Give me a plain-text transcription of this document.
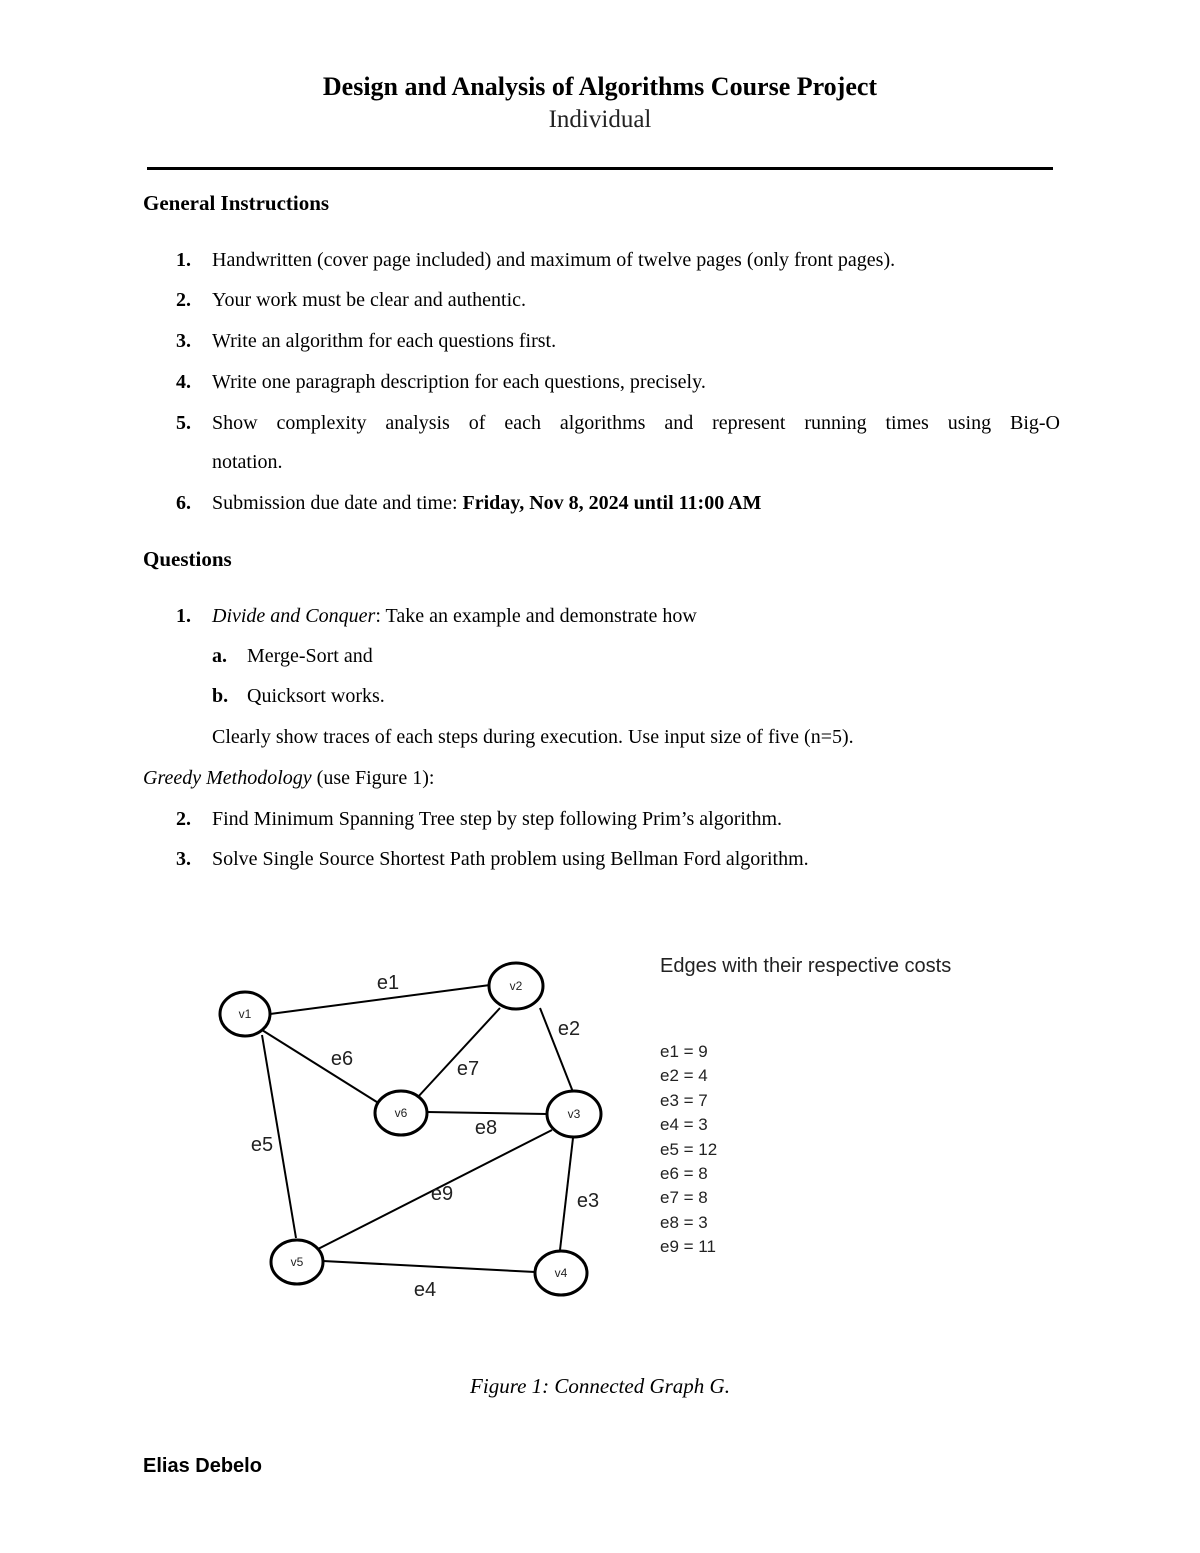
Design and Analysis of Algorithms Course Project
Individual
General Instructions
1. Handwritten (cover page included) and maximum of twelve pages (only front pages).
2. Your work must be clear and authentic.
3. Write an algorithm for each questions first.
4. Write one paragraph description for each questions, precisely.
5. Show complexity analysis of each algorithms and represent running times using Big-O
notation.
6. Submission due date and time: Friday, Nov 8, 2024 until 11:00 AM
Questions
1. Divide and Conquer: Take an example and demonstrate how
a. Merge-Sort and
b. Quicksort works.
Clearly show traces of each steps during execution. Use input size of five (n=5).
Greedy Methodology (use Figure 1):
2. Find Minimum Spanning Tree step by step following Prim’s algorithm.
3. Solve Single Source Shortest Path problem using Bellman Ford algorithm.
v1
v2
v3
v4
v5
v6
e1
e2
e3
e4
e5
e6	e7
e8
e9
Edges with their respective costs
e1 = 9
e2 = 4
e3 = 7
e4 = 3
e5 = 12
e6 = 8
e7 = 8
e8 = 3
e9 = 11
Figure 1: Connected Graph G.
Elias Debelo
